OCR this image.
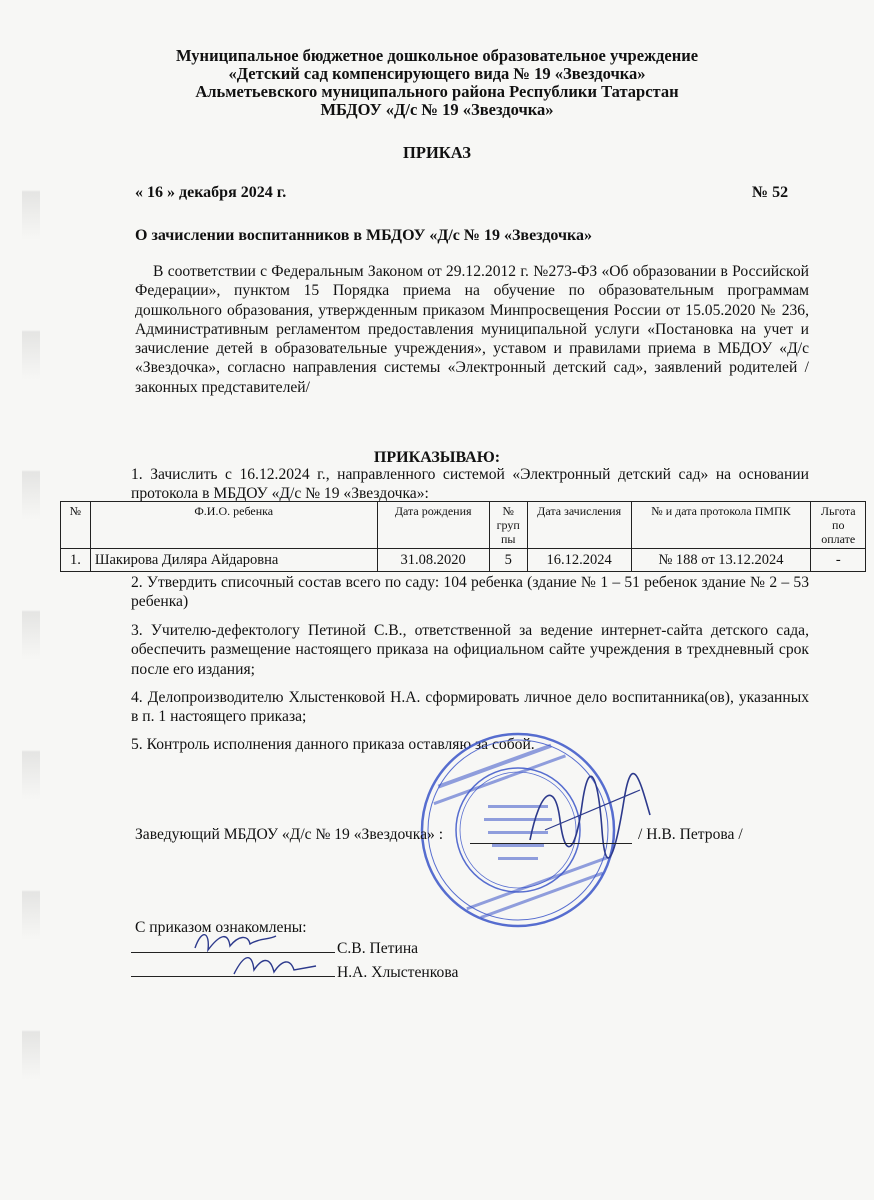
Муниципальное бюджетное дошкольное образовательное учреждение
«Детский сад компенсирующего вида № 19 «Звездочка»
Альметьевского муниципального района Республики Татарстан
МБДОУ «Д/с № 19 «Звездочка»
ПРИКАЗ
« 16 » декабря 2024 г.	№ 52
О зачислении воспитанников в МБДОУ «Д/с № 19 «Звездочка»
В соответствии с Федеральным Законом от 29.12.2012 г. №273-ФЗ «Об образовании в Российской Федерации», пунктом 15 Порядка приема на обучение по образовательным программам дошкольного образования, утвержденным приказом Минпросвещения России от 15.05.2020 № 236, Административным регламентом предоставления муниципальной услуги «Постановка на учет и зачисление детей в образовательные учреждения», уставом и правилами приема в МБДОУ «Д/с «Звездочка», согласно направления системы «Электронный детский сад», заявлений родителей /законных представителей/
ПРИКАЗЫВАЮ:
1. Зачислить с 16.12.2024 г., направленного системой «Электронный детский сад» на основании протокола в МБДОУ «Д/с № 19 «Звездочка»:
№	Ф.И.О. ребенка	Дата рождения	№ груп пы	Дата зачисления	№ и дата протокола ПМПК	Льгота по оплате
1.	Шакирова Диляра Айдаровна	31.08.2020	5	16.12.2024	№ 188 от 13.12.2024	-
2. Утвердить списочный состав всего по саду: 104 ребенка (здание № 1 – 51 ребенок здание № 2 – 53 ребенка)
3. Учителю-дефектологу Петиной С.В., ответственной за ведение интернет-сайта детского сада, обеспечить размещение настоящего приказа на официальном сайте учреждения в трехдневный срок после его издания;
4. Делопроизводителю Хлыстенковой Н.А. сформировать личное дело воспитанника(ов), указанных в п. 1 настоящего приказа;
5. Контроль исполнения данного приказа оставляю за собой.
Заведующий МБДОУ «Д/с № 19 «Звездочка» :	/ Н.В. Петрова /
С приказом ознакомлены:
С.В. Петина
Н.А. Хлыстенкова
